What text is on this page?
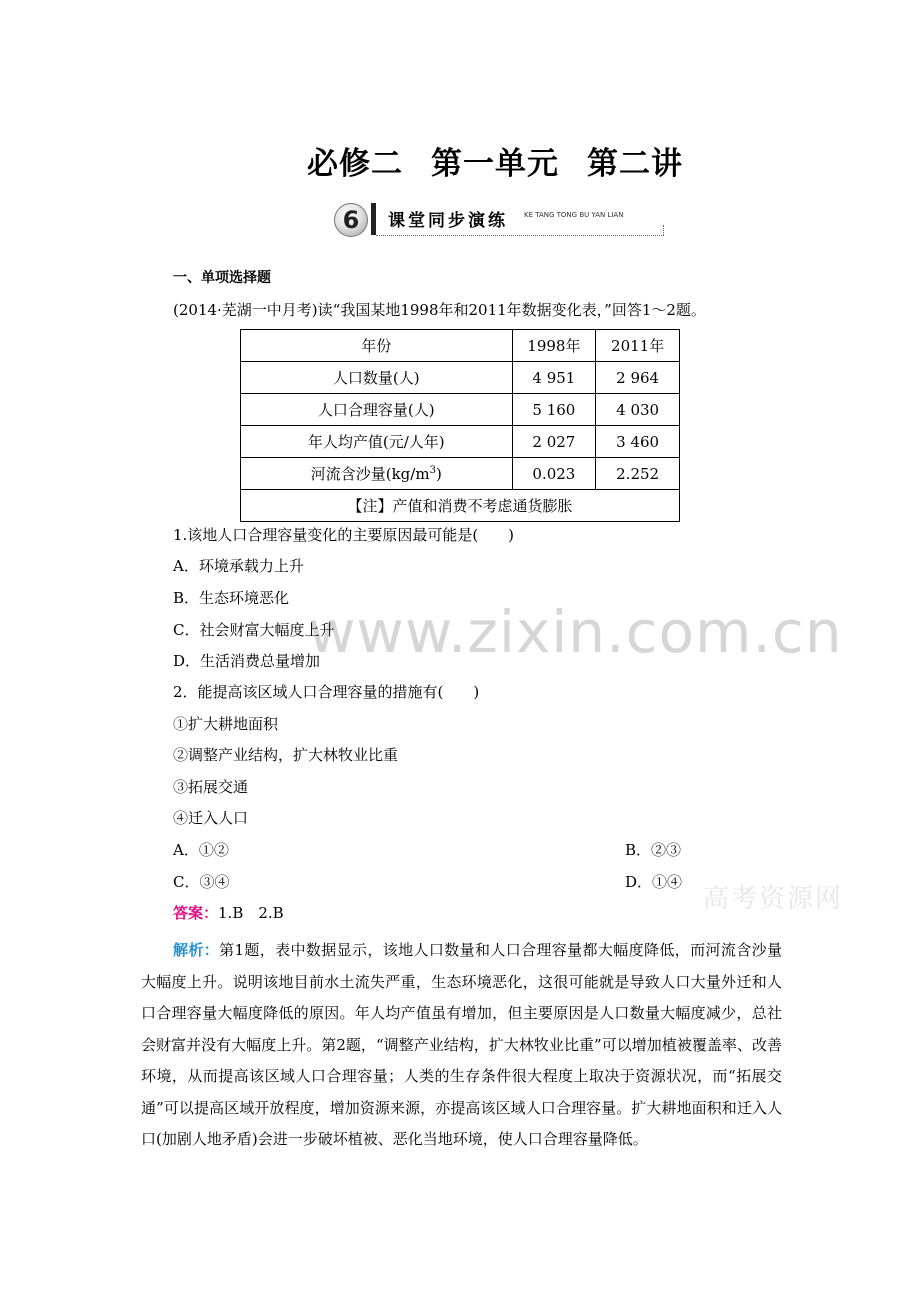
必修二 第一单元 第二讲
6	课堂同步演练 KE TANG TONG BU YAN LIAN
www.zixin.com.cn
一、单项选择题
(2014·芜湖一中月考)读“我国某地1998年和2011年数据变化表，”回答1～2题。
年份	1998年	2011年
人口数量(人)	4 951	2 964
人口合理容量(人)	5 160	4 030
年人均产值(元/人年)	2 027	3 460
河流含沙量$(kg/m^3)$	0.023	2.252
【注】产值和消费不考虑通货膨胀		
1.该地人口合理容量变化的主要原因最可能是(　　)
A．环境承载力上升
B．生态环境恶化
C．社会财富大幅度上升
D．生活消费总量增加
2．能提高该区域人口合理容量的措施有(　　)
①扩大耕地面积
②调整产业结构，扩大林牧业比重
③拓展交通
④迁入人口
A．①②	B．②③
C．③④	D．①④
高考资源网
答案：1.B　2.B
解析：第1题，表中数据显示，该地人口数量和人口合理容量都大幅度降低，而河流含沙量大幅度上升。说明该地目前水土流失严重，生态环境恶化，这很可能就是导致人口大量外迁和人口合理容量大幅度降低的原因。年人均产值虽有增加，但主要原因是人口数量大幅度减少，总社会财富并没有大幅度上升。第2题，“调整产业结构，扩大林牧业比重”可以增加植被覆盖率、改善环境，从而提高该区域人口合理容量；人类的生存条件很大程度上取决于资源状况，而“拓展交通”可以提高区域开放程度，增加资源来源，亦提高该区域人口合理容量。扩大耕地面积和迁入人口(加剧人地矛盾)会进一步破坏植被、恶化当地环境，使人口合理容量降低。
